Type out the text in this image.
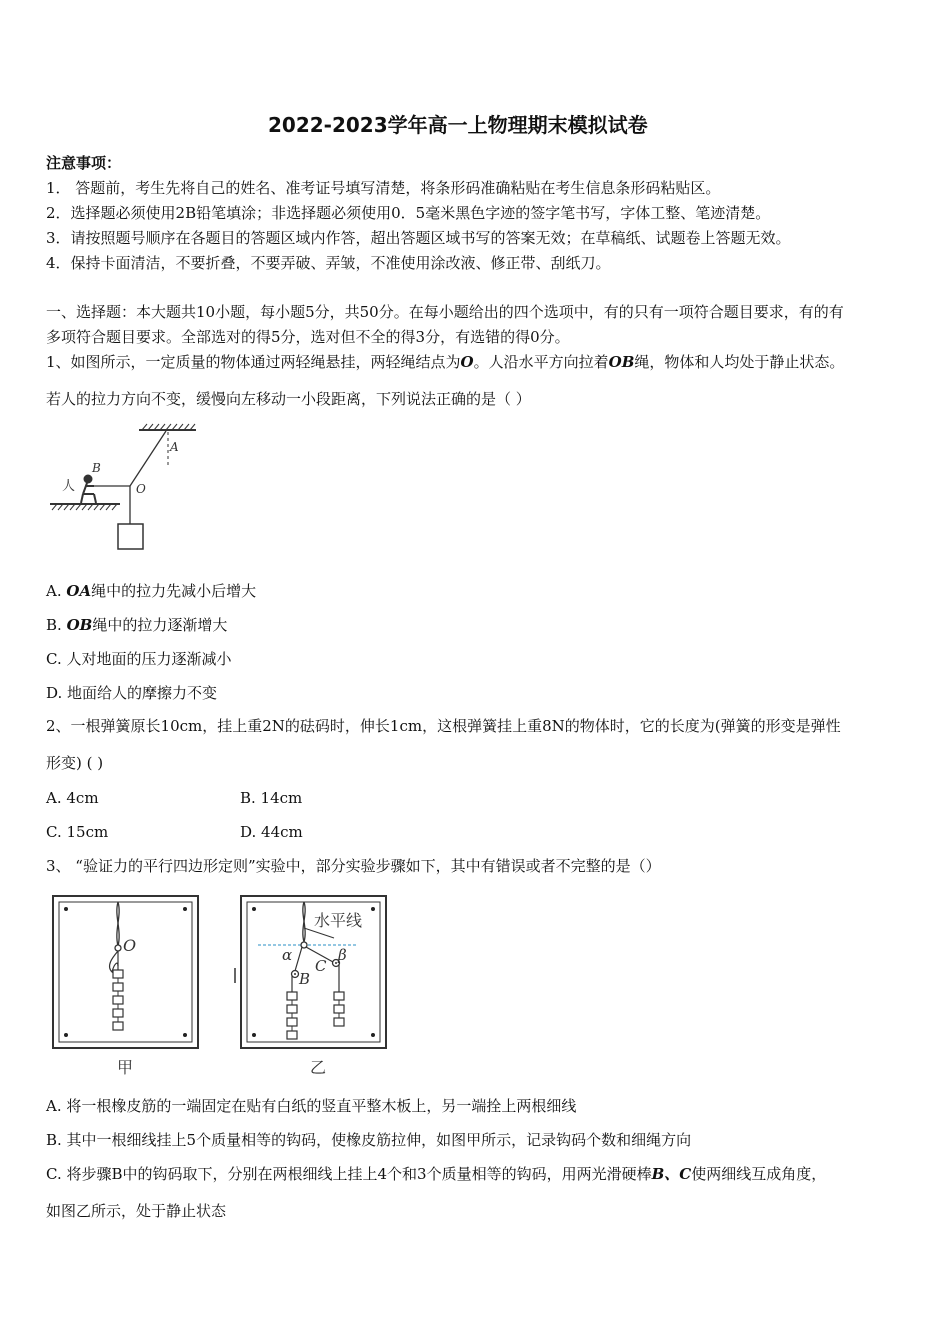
2022-2023学年高一上物理期末模拟试卷
注意事项：
1． 答题前，考生先将自己的姓名、准考证号填写清楚，将条形码准确粘贴在考生信息条形码粘贴区。
2．选择题必须使用2B铅笔填涂；非选择题必须使用0．5毫米黑色字迹的签字笔书写，字体工整、笔迹清楚。
3．请按照题号顺序在各题目的答题区域内作答，超出答题区域书写的答案无效；在草稿纸、试题卷上答题无效。
4．保持卡面清洁，不要折叠，不要弄破、弄皱，不准使用涂改液、修正带、刮纸刀。
一、选择题：本大题共10小题，每小题5分，共50分。在每小题给出的四个选项中，有的只有一项符合题目要求，有的有
多项符合题目要求。全部选对的得5分，选对但不全的得3分，有选错的得0分。
1、如图所示，一定质量的物体通过两轻绳悬挂，两轻绳结点为O。人沿水平方向拉着OB绳，物体和人均处于静止状态。
若人的拉力方向不变，缓慢向左移动一小段距离，下列说法正确的是（ ）
人
B
O
A
A. OA绳中的拉力先减小后增大
B. OB绳中的拉力逐渐增大
C. 人对地面的压力逐渐减小
D. 地面给人的摩擦力不变
2、一根弹簧原长10cm，挂上重2N的砝码时，伸长1cm，这根弹簧挂上重8N的物体时，它的长度为(弹簧的形变是弹性
形变) ( )
A. 4cm	B. 14cm
C. 15cm	D. 44cm
3、 “验证力的平行四边形定则”实验中，部分实验步骤如下，其中有错误或者不完整的是（）
O
甲
水平线
α	β
B
C
乙
A. 将一根橡皮筋的一端固定在贴有白纸的竖直平整木板上，另一端拴上两根细线
B. 其中一根细线挂上5个质量相等的钩码，使橡皮筋拉伸，如图甲所示，记录钩码个数和细绳方向
C. 将步骤B中的钩码取下，分别在两根细线上挂上4个和3个质量相等的钩码，用两光滑硬棒B、C使两细线互成角度，
如图乙所示，处于静止状态
